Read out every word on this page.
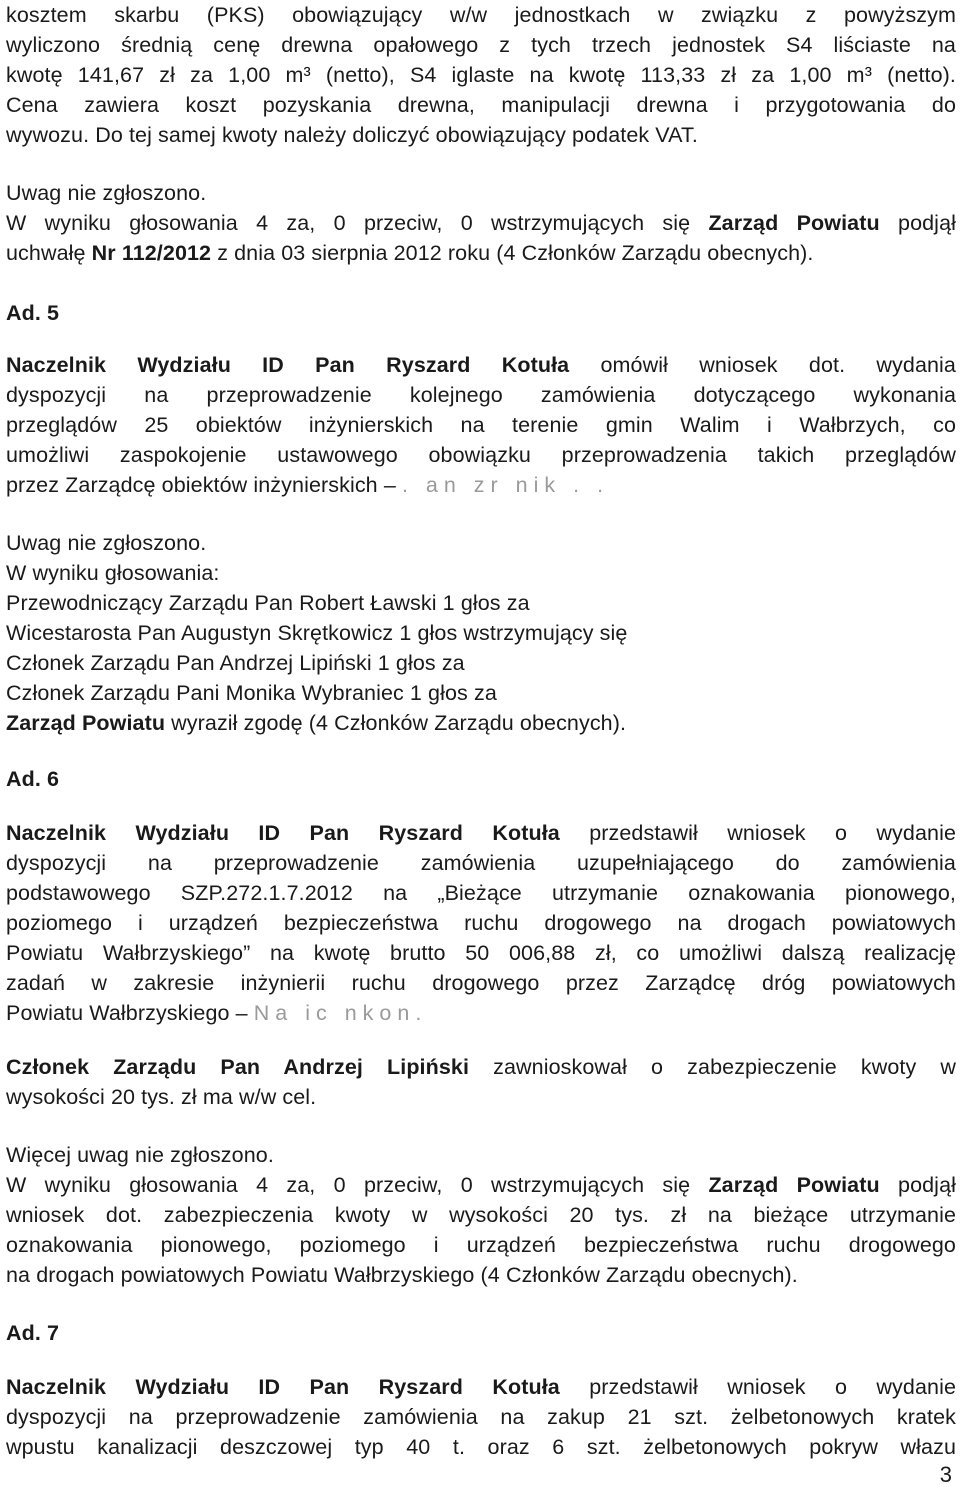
kosztem skarbu (PKS) obowiązujący w/w jednostkach w związku z powyższym
wyliczono średnią cenę drewna opałowego z tych trzech jednostek S4 liściaste na
kwotę 141,67 zł za 1,00 m³ (netto), S4 iglaste na kwotę 113,33 zł za 1,00 m³ (netto).
Cena zawiera koszt pozyskania drewna, manipulacji drewna i przygotowania do
wywozu. Do tej samej kwoty należy doliczyć obowiązujący podatek VAT.
Uwag nie zgłoszono.
W wyniku głosowania 4 za, 0 przeciw, 0 wstrzymujących się Zarząd Powiatu podjął
uchwałę Nr 112/2012 z dnia 03 sierpnia 2012 roku (4 Członków Zarządu obecnych).
Ad. 5
Naczelnik Wydziału ID Pan Ryszard Kotuła omówił wniosek dot. wydania
dyspozycji na przeprowadzenie kolejnego zamówienia dotyczącego wykonania
przeglądów 25 obiektów inżynierskich na terenie gmin Walim i Wałbrzych, co
umożliwi zaspokojenie ustawowego obowiązku przeprowadzenia takich przeglądów
przez Zarządcę obiektów inżynierskich – . an zr nik . .
Uwag nie zgłoszono.
W wyniku głosowania:
Przewodniczący Zarządu Pan Robert Ławski 1 głos za
Wicestarosta Pan Augustyn Skrętkowicz 1 głos wstrzymujący się
Członek Zarządu Pan Andrzej Lipiński 1 głos za
Członek Zarządu Pani Monika Wybraniec 1 głos za
Zarząd Powiatu wyraził zgodę (4 Członków Zarządu obecnych).
Ad. 6
Naczelnik Wydziału ID Pan Ryszard Kotuła przedstawił wniosek o wydanie
dyspozycji na przeprowadzenie zamówienia uzupełniającego do zamówienia
podstawowego SZP.272.1.7.2012 na „Bieżące utrzymanie oznakowania pionowego,
poziomego i urządzeń bezpieczeństwa ruchu drogowego na drogach powiatowych
Powiatu Wałbrzyskiego” na kwotę brutto 50 006,88 zł, co umożliwi dalszą realizację
zadań w zakresie inżynierii ruchu drogowego przez Zarządcę dróg powiatowych
Powiatu Wałbrzyskiego – Na ic nkon.
Członek Zarządu Pan Andrzej Lipiński zawnioskował o zabezpieczenie kwoty w
wysokości 20 tys. zł ma w/w cel.
Więcej uwag nie zgłoszono.
W wyniku głosowania 4 za, 0 przeciw, 0 wstrzymujących się Zarząd Powiatu podjął
wniosek dot. zabezpieczenia kwoty w wysokości 20 tys. zł na bieżące utrzymanie
oznakowania pionowego, poziomego i urządzeń bezpieczeństwa ruchu drogowego
na drogach powiatowych Powiatu Wałbrzyskiego (4 Członków Zarządu obecnych).
Ad. 7
Naczelnik Wydziału ID Pan Ryszard Kotuła przedstawił wniosek o wydanie
dyspozycji na przeprowadzenie zamówienia na zakup 21 szt. żelbetonowych kratek
wpustu kanalizacji deszczowej typ 40 t. oraz 6 szt. żelbetonowych pokryw włazu
3
